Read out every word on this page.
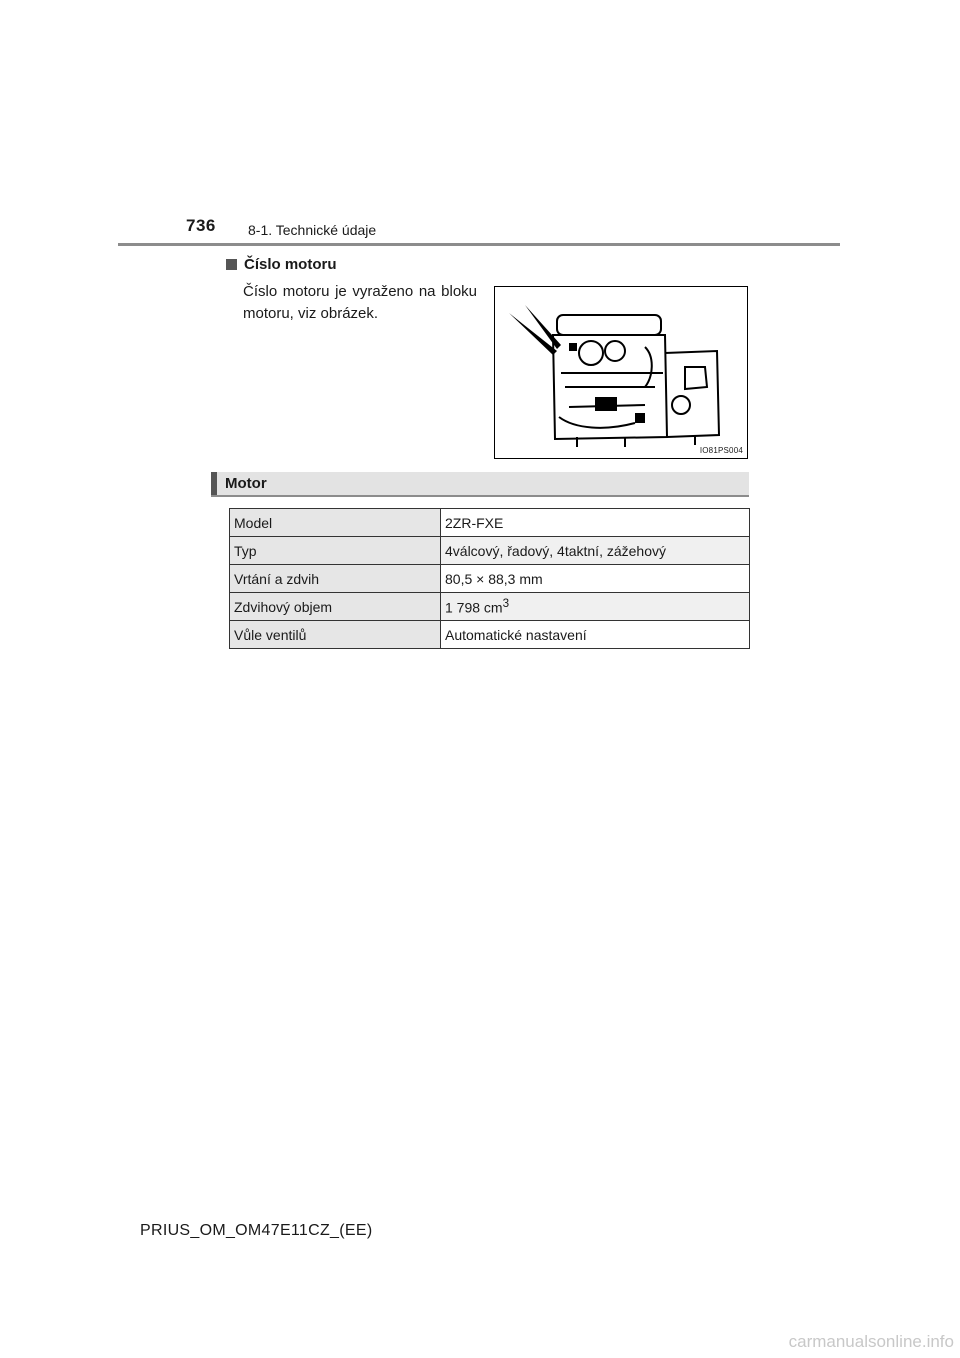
736 8-1. Technické údaje
Číslo motoru
Číslo motoru je vyraženo na bloku motoru, viz obrázek.
IO81PS004
Motor
Model	2ZR-FXE
Typ	4válcový, řadový, 4taktní, zážehový
Vrtání a zdvih	80,5 × 88,3 mm
Zdvihový objem	1 798 $cm^3$
Vůle ventilů	Automatické nastavení
PRIUS_OM_OM47E11CZ_(EE)
carmanualsonline.info
